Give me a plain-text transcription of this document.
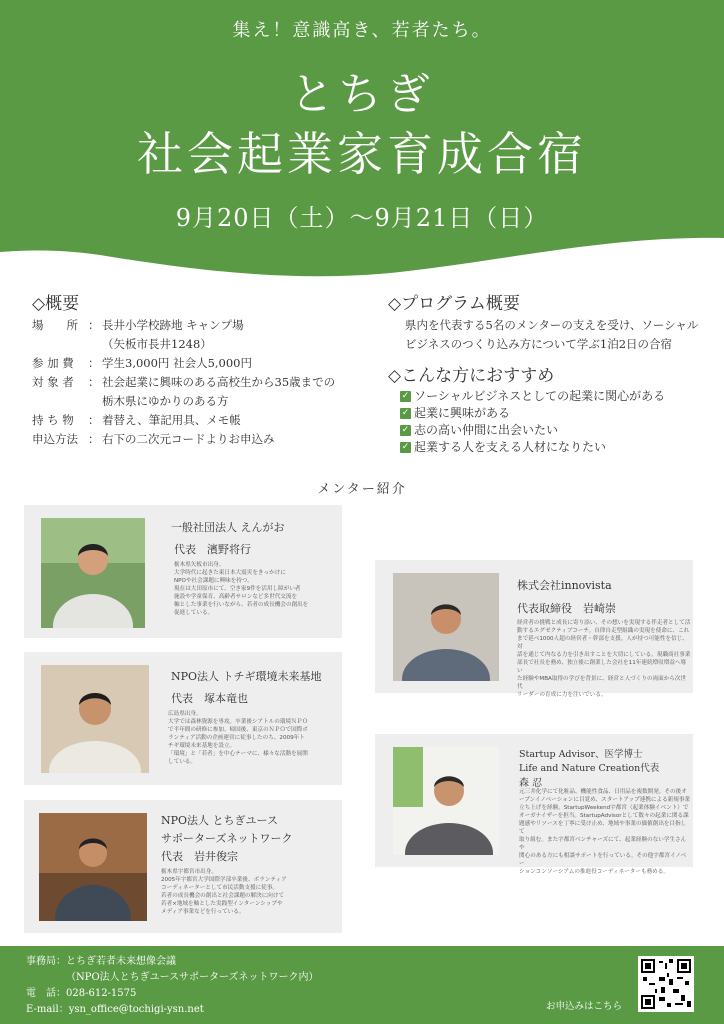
集え！意識高き、若者たち。
とちぎ
社会起業家育成合宿
9月20日（土）〜9月21日（日）
◇概要
場　　所 ： 長井小学校跡地 キャンプ場
（矢板市長井1248）
参 加 費	： 学生3,000円 社会人5,000円
対 象 者	： 社会起業に興味のある高校生から35歳までの
栃木県にゆかりのある方
持 ち 物	： 着替え、筆記用具、メモ帳
申込方法 ： 右下の二次元コードよりお申込み
◇プログラム概要
県内を代表する5名のメンターの支えを受け、ソーシャル
ビジネスのつくり込み方について学ぶ1泊2日の合宿
◇こんな方におすすめ
✓ ソーシャルビジネスとしての起業に関心がある
✓ 起業に興味がある
✓ 志の高い仲間に出会いたい
✓ 起業する人を支える人材になりたい
メンター紹介
一般社団法人 えんがお
代表　濱野将行
栃木県矢板市出身。
大学時代に起きた東日本大震災をきっかけに
NPOや社会課題に興味を持つ。
現在は大田原市にて、空き家9件を活用し障がい者
施設や学童保育、高齢者サロンなど多世代交流を
軸とした事業を行いながら、若者の成長機会の創出を
促進している。
株式会社innovista
代表取締役　岩崎崇
経営者の挑戦と成長に寄り添い、その想いを実現する伴走者として活
動するエグゼクティブコーチ。自律自走型組織の実現を使命に、これ
まで延べ1000人超の経営者・幹部を支援。人が持つ可能性を信じ、対
話を通じて内なる力を引き出すことを大切にしている。現職商社事業
部長で社長を務め、独立後に創業した会社を11年連続増収増益へ導い
た経験やMBA取得の学びを背景に、経営と人づくりの両面から次世代
リーダーの育成に力を注いでいる。
NPO法人 トチギ環境未来基地
代表　塚本竜也
広島県出身。
大学では森林資源を専攻。卒業後シアトルの環境ＮＰＯ
で半年間の研修に参加。帰国後、東京のＮＰＯで国際ボ
ランティア活動の企画運営に従事したのち、2009年ト
チギ環境未来基地を設立。
「環境」と「若者」を中心テーマに、様々な活動を展開
している。
Startup Advisor、医学博士
Life and Nature Creation代表
森 忍
元三井化学にて化粧品、機能性食品、日用品を複数開発。その後オ
ープンイノベーションに目覚め、スタートアップ連携による新規事業
立ち上げを経験。StartupWeekend宇都宮（起業体験イベント）で
オーガナイザーを担当。StartupAdvisorとして数々の起業に関る課
題感やリソースを丁寧に受け止め、地域や事業の価値創出を目指して
取り組む。また宇都宮ベンチャーズにて、起業経験のない学生さんや
関心のある方にも相談サポートを行っている。その他宇都宮イノベー
ションコンソーシアムの推進役コーディネーターも務める。
NPO法人 とちぎユース
サポーターズネットワーク
代表　岩井俊宗
栃木県宇都宮市出身。
2005年宇都宮大学国際学部卒業後、ボランティア
コーディネーターとして市民活動支援に従事。
若者の成長機会の創出と社会課題の解決に向けて
若者×地域を軸とした実践型インターンシップや
メディア事業などを行っている。
事務局：とちぎ若者未来想像会議
（NPO法人とちぎユースサポーターズネットワーク内）
電　話：028-612-1575
E-mail：ysn_office@tochigi-ysn.net	お申込みはこちら
